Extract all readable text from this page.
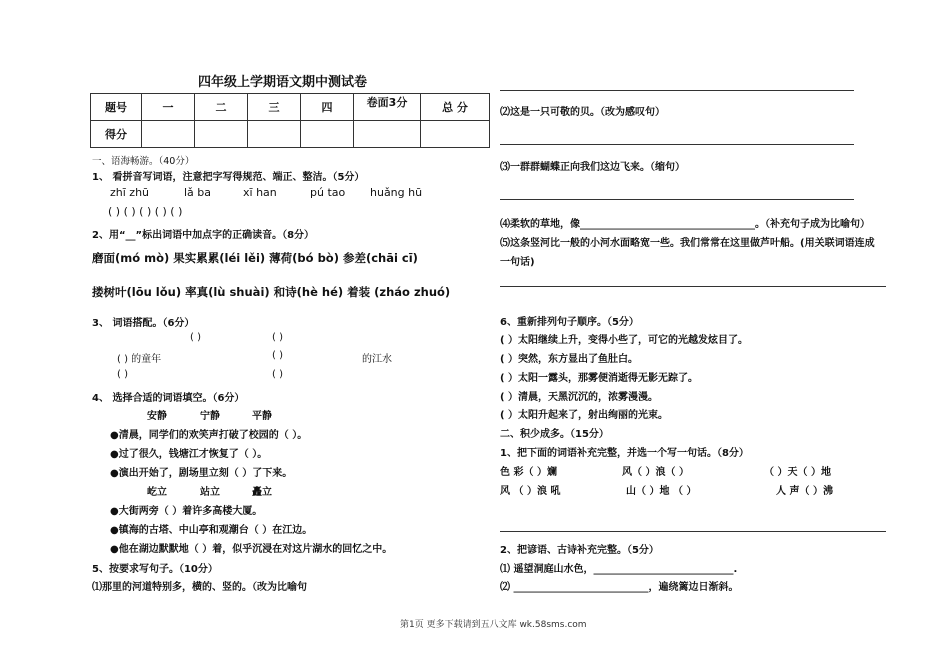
四年级上学期语文期中测试卷
题号	一	二	三	四	卷面3分	总 分
得分						
一、语海畅游。（40分）
1、 看拼音写词语，注意把字写得规范、端正、整洁。（5分）
zhī zhū	lǎ ba	xī han	pú tao huǎng hū
( ) ( ) ( ) ( ) ( )
2、用“__”标出词语中加点字的正确读音。（8分）
磨面(mó mò) 果实累累(léi lěi) 薄荷(bó bò) 参差(chāi cī)
搂树叶(lōu lǒu) 率真(lù shuài) 和诗(hè hé) 着装 (zháo zhuó)
3、 词语搭配。（6分）
( )	( )
( ) 的童年	( )	的江水
( )	( )
4、 选择合适的词语填空。（6分）
安静	宁静	平静
●清晨，同学们的欢笑声打破了校园的（ ）。
●过了很久，钱塘江才恢复了（ ）。
●演出开始了，剧场里立刻（ ）了下来。
屹立	站立	矗立
●大街两旁（ ）着许多高楼大厦。
●镇海的古塔、中山亭和观潮台（ ）在江边。
●他在湖边默默地（ ）着，似乎沉浸在对这片湖水的回忆之中。
5、按要求写句子。（10分）
⑴那里的河道特别多，横的、竖的。（改为比喻句
⑵这是一只可敬的贝。（改为感叹句）
⑶一群群蝴蝶正向我们这边飞来。（缩句）
⑷柔软的草地，像___________________________________。（补充句子成为比喻句）
⑸这条竖河比一般的小河水面略宽一些。我们常常在这里做芦叶船。(用关联词语连成
一句话)
6、重新排列句子顺序。（5分）
( ）太阳继续上升，变得小些了，可它的光越发炫目了。
( ）突然，东方显出了鱼肚白。
( ）太阳一露头，那雾便消逝得无影无踪了。
( ）清晨，天黑沉沉的，浓雾漫漫。
( ）太阳升起来了，射出绚丽的光束。
二、积少成多。（15分）
1、把下面的词语补充完整，并选一个写一句话。（8分）
色 彩（ ）斓	风（ ）浪（ ）	（ ）天（ ）地
风 （ ）浪 吼	山（ ）地 （ ）	人 声（ ）沸
2、把谚语、古诗补充完整。（5分）
⑴ 遥望洞庭山水色，____________________________.
⑵ ___________________________，遍绕篱边日渐斜。
第1页 更多下载请到五八文库 wk.58sms.com
